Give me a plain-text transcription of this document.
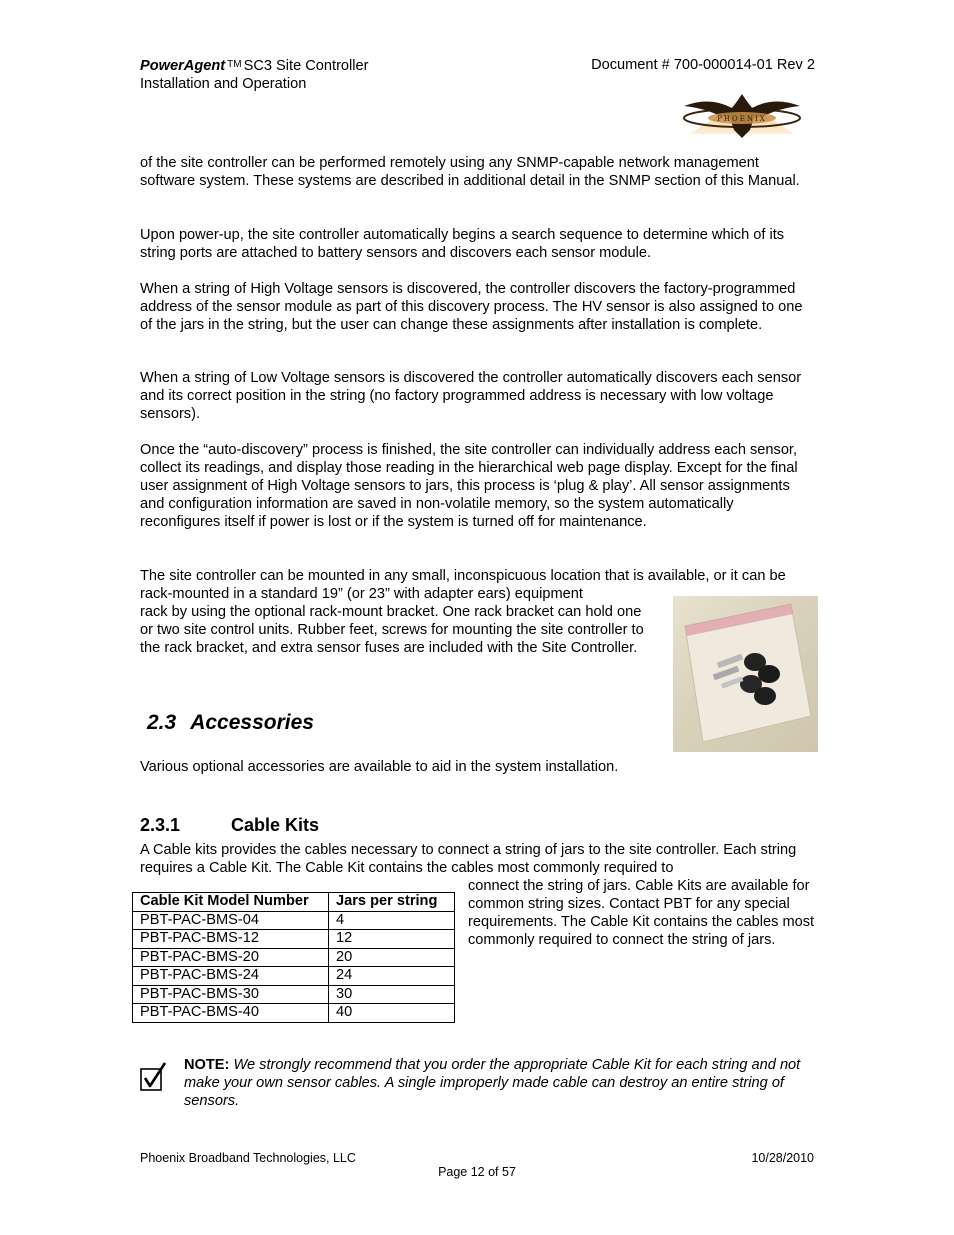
PowerAgent ™ SC3 Site Controller
Installation and Operation
Document # 700-000014-01 Rev 2
PHOENIX

of the site controller can be performed remotely using any SNMP-capable network management software system. These systems are described in additional detail in the SNMP section of this Manual.

Upon power-up, the site controller automatically begins a search sequence to determine which of its string ports are attached to battery sensors and discovers each sensor module.

When a string of High Voltage sensors is discovered, the controller discovers the factory-programmed address of the sensor module as part of this discovery process. The HV sensor is also assigned to one of the jars in the string, but the user can change these assignments after installation is complete.

When a string of Low Voltage sensors is discovered the controller automatically discovers each sensor and its correct position in the string (no factory programmed address is necessary with low voltage sensors).

Once the “auto-discovery” process is finished, the site controller can individually address each sensor, collect its readings, and display those reading in the hierarchical web page display. Except for the final user assignment of High Voltage sensors to jars, this process is ‘plug & play’. All sensor assignments and configuration information are saved in non-volatile memory, so the system automatically reconfigures itself if power is lost or if the system is turned off for maintenance.

The site controller can be mounted in any small, inconspicuous location that is available, or it can be rack-mounted in a standard 19” (or 23” with adapter ears) equipment

rack by using the optional rack-mount bracket. One rack bracket can hold one or two site control units. Rubber feet, screws for mounting the site controller to the rack bracket, and extra sensor fuses are included with the Site Controller.

2.3 Accessories

Various optional accessories are available to aid in the system installation.

2.3.1	Cable Kits

A Cable kits provides the cables necessary to connect a string of jars to the site controller. Each string requires a Cable Kit. The Cable Kit contains the cables most commonly required to

Cable Kit Model Number	Jars per string
PBT-PAC-BMS-04	4
PBT-PAC-BMS-12	12
PBT-PAC-BMS-20	20
PBT-PAC-BMS-24	24
PBT-PAC-BMS-30	30
PBT-PAC-BMS-40	40

connect the string of jars. Cable Kits are available for common string sizes. Contact PBT for any special requirements. The Cable Kit contains the cables most commonly required to connect the string of jars.

NOTE: We strongly recommend that you order the appropriate Cable Kit for each string and not make your own sensor cables. A single improperly made cable can destroy an entire string of sensors.

Phoenix Broadband Technologies, LLC	10/28/2010
Page 12 of 57
